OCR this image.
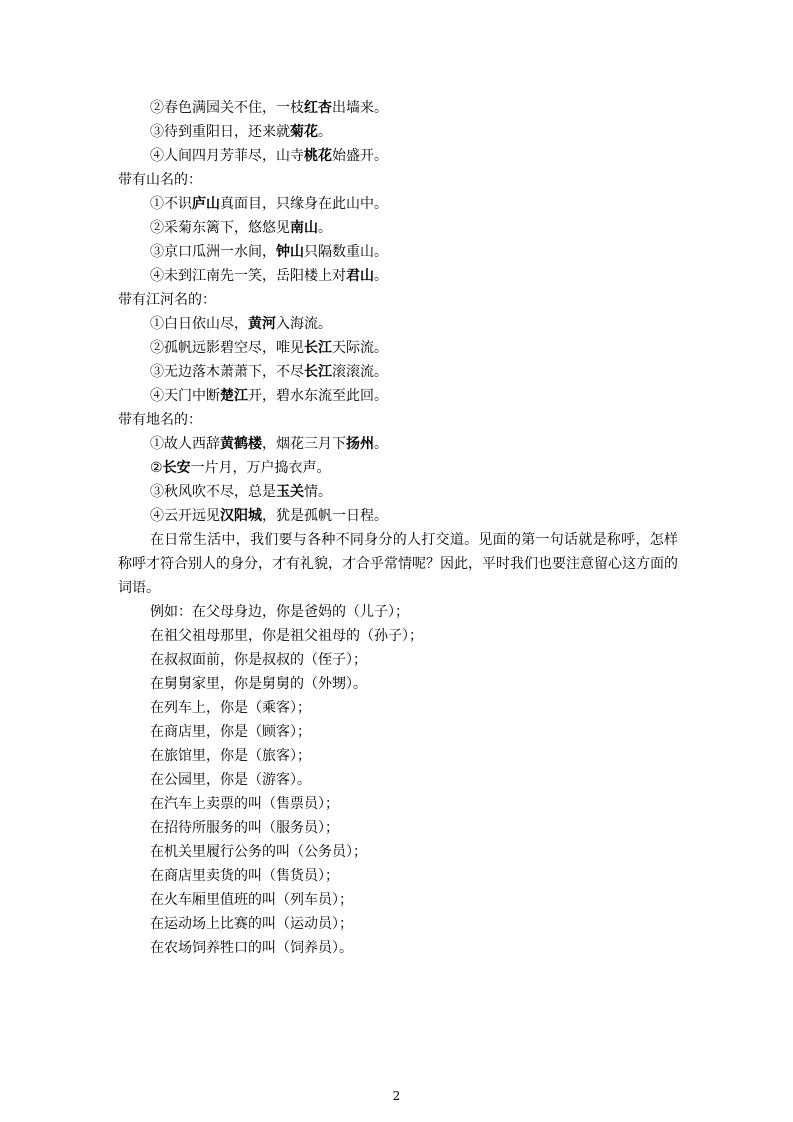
②春色满园关不住，一枝红杏出墙来。
③待到重阳日，还来就菊花。
④人间四月芳菲尽，山寺桃花始盛开。
带有山名的：
①不识庐山真面目，只缘身在此山中。
②采菊东篱下，悠悠见南山。
③京口瓜洲一水间，钟山只隔数重山。
④未到江南先一笑，岳阳楼上对君山。
带有江河名的：
①白日依山尽，黄河入海流。
②孤帆远影碧空尽，唯见长江天际流。
③无边落木萧萧下，不尽长江滚滚流。
④天门中断楚江开，碧水东流至此回。
带有地名的：
①故人西辞黄鹤楼，烟花三月下扬州。
②长安一片月，万户捣衣声。
③秋风吹不尽，总是玉关情。
④云开远见汉阳城，犹是孤帆一日程。
在日常生活中，我们要与各种不同身分的人打交道。见面的第一句话就是称呼，怎样称呼才符合别人的身分，才有礼貌，才合乎常情呢？因此，平时我们也要注意留心这方面的词语。
例如：在父母身边，你是爸妈的（儿子）；
在祖父祖母那里，你是祖父祖母的（孙子）；
在叔叔面前，你是叔叔的（侄子）；
在舅舅家里，你是舅舅的（外甥）。
在列车上，你是（乘客）；
在商店里，你是（顾客）；
在旅馆里，你是（旅客）；
在公园里，你是（游客）。
在汽车上卖票的叫（售票员）；
在招待所服务的叫（服务员）；
在机关里履行公务的叫（公务员）；
在商店里卖货的叫（售货员）；
在火车厢里值班的叫（列车员）；
在运动场上比赛的叫（运动员）；
在农场饲养牲口的叫（饲养员）。
2
